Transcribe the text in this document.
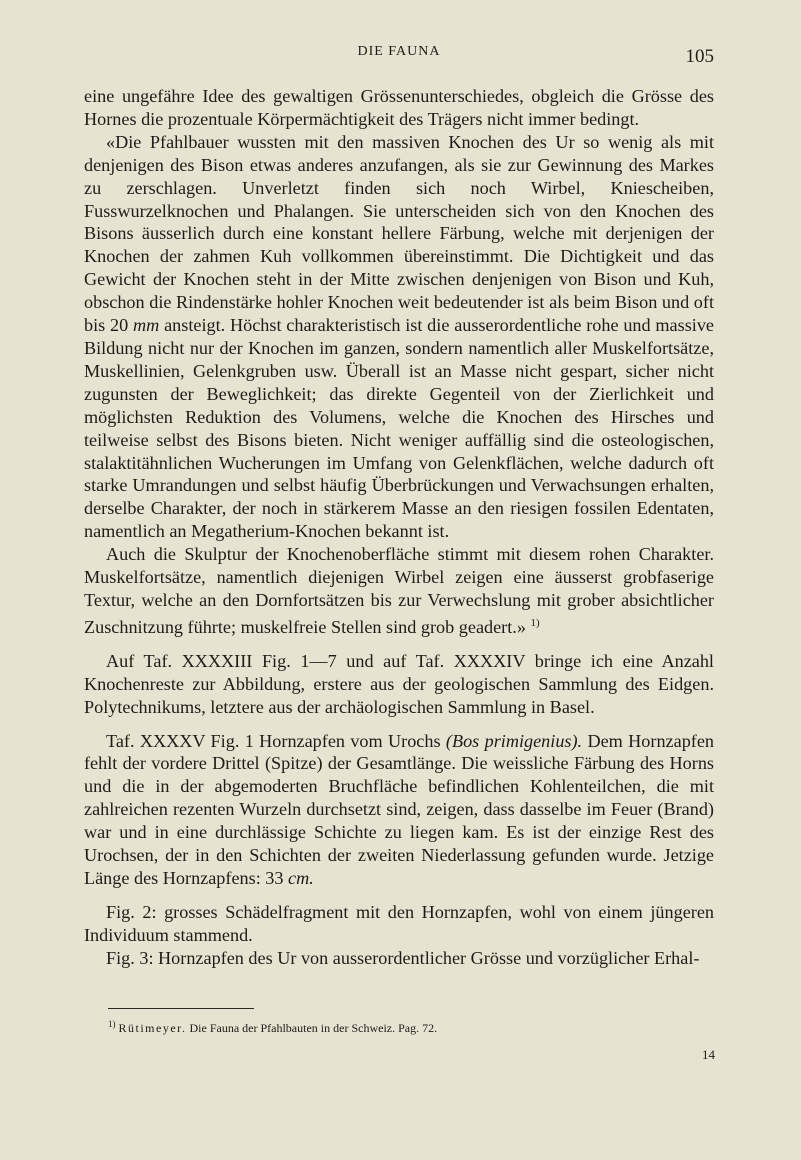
DIE FAUNA	105

eine ungefähre Idee des gewaltigen Grössenunterschiedes, obgleich die Grösse des Hornes die prozentuale Körpermächtigkeit des Trägers nicht immer bedingt.

«Die Pfahlbauer wussten mit den massiven Knochen des Ur so wenig als mit denjenigen des Bison etwas anderes anzufangen, als sie zur Gewinnung des Markes zu zerschlagen. Unverletzt finden sich noch Wirbel, Kniescheiben, Fusswurzelknochen und Phalangen. Sie unterscheiden sich von den Knochen des Bisons äusserlich durch eine konstant hellere Färbung, welche mit derjenigen der Knochen der zahmen Kuh vollkommen übereinstimmt. Die Dichtigkeit und das Gewicht der Knochen steht in der Mitte zwischen denjenigen von Bison und Kuh, obschon die Rindenstärke hohler Knochen weit bedeutender ist als beim Bison und oft bis 20 mm ansteigt. Höchst charakteristisch ist die ausserordentliche rohe und massive Bildung nicht nur der Knochen im ganzen, sondern namentlich aller Muskelfortsätze, Muskellinien, Gelenkgruben usw. Überall ist an Masse nicht gespart, sicher nicht zugunsten der Beweglichkeit; das direkte Gegenteil von der Zierlichkeit und möglichsten Reduktion des Volumens, welche die Knochen des Hirsches und teilweise selbst des Bisons bieten. Nicht weniger auffällig sind die osteologischen, stalaktitähnlichen Wucherungen im Umfang von Gelenkflächen, welche dadurch oft starke Umrandungen und selbst häufig Überbrückungen und Verwachsungen erhalten, derselbe Charakter, der noch in stärkerem Masse an den riesigen fossilen Edentaten, namentlich an Megatherium-Knochen bekannt ist.

Auch die Skulptur der Knochenoberfläche stimmt mit diesem rohen Charakter. Muskelfortsätze, namentlich diejenigen Wirbel zeigen eine äusserst grobfaserige Textur, welche an den Dornfortsätzen bis zur Verwechslung mit grober absichtlicher Zuschnitzung führte; muskelfreie Stellen sind grob geadert.» $^{1)}$

Auf Taf. XXXXIII Fig. 1—7 und auf Taf. XXXXIV bringe ich eine Anzahl Knochenreste zur Abbildung, erstere aus der geologischen Sammlung des Eidgen. Polytechnikums, letztere aus der archäologischen Sammlung in Basel.

Taf. XXXXV Fig. 1 Hornzapfen vom Urochs (Bos primigenius). Dem Hornzapfen fehlt der vordere Drittel (Spitze) der Gesamtlänge. Die weissliche Färbung des Horns und die in der abgemoderten Bruchfläche befindlichen Kohlenteilchen, die mit zahlreichen rezenten Wurzeln durchsetzt sind, zeigen, dass dasselbe im Feuer (Brand) war und in eine durchlässige Schichte zu liegen kam. Es ist der einzige Rest des Urochsen, der in den Schichten der zweiten Niederlassung gefunden wurde. Jetzige Länge des Hornzapfens: 33 cm.

Fig. 2: grosses Schädelfragment mit den Hornzapfen, wohl von einem jüngeren Individuum stammend.

Fig. 3: Hornzapfen des Ur von ausserordentlicher Grösse und vorzüglicher Erhal-

$^{1)}$ Rütimeyer. Die Fauna der Pfahlbauten in der Schweiz. Pag. 72.
14
